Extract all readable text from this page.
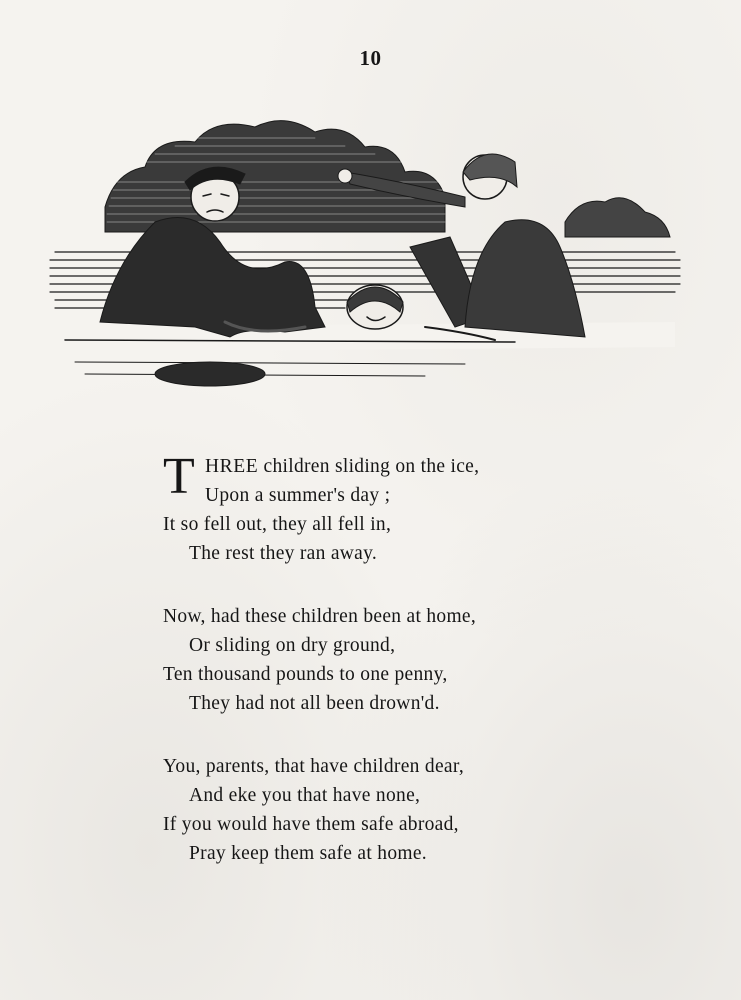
10
T HREE children sliding on the ice,
Upon a summer's day ;
It so fell out, they all fell in,
The rest they ran away.
Now, had these children been at home,
Or sliding on dry ground,
Ten thousand pounds to one penny,
They had not all been drown'd.
You, parents, that have children dear,
And eke you that have none,
If you would have them safe abroad,
Pray keep them safe at home.
